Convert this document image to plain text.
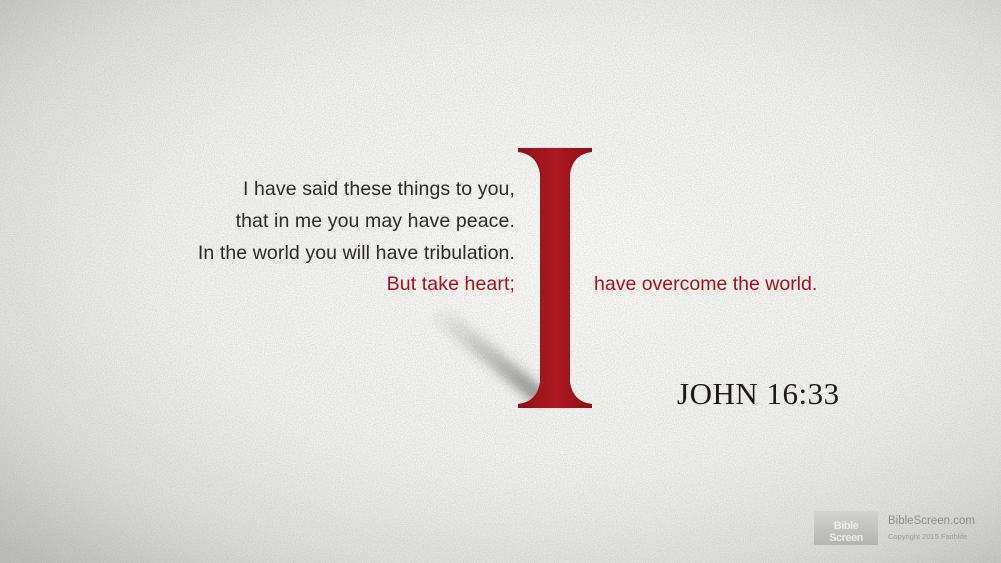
I have said these things to you,

that in me you may have peace.

In the world you will have tribulation.

But take heart;	have overcome the world.

JOHN 16:33

Bible Screen
BibleScreen.com
Copyright 2015 Faithlife
